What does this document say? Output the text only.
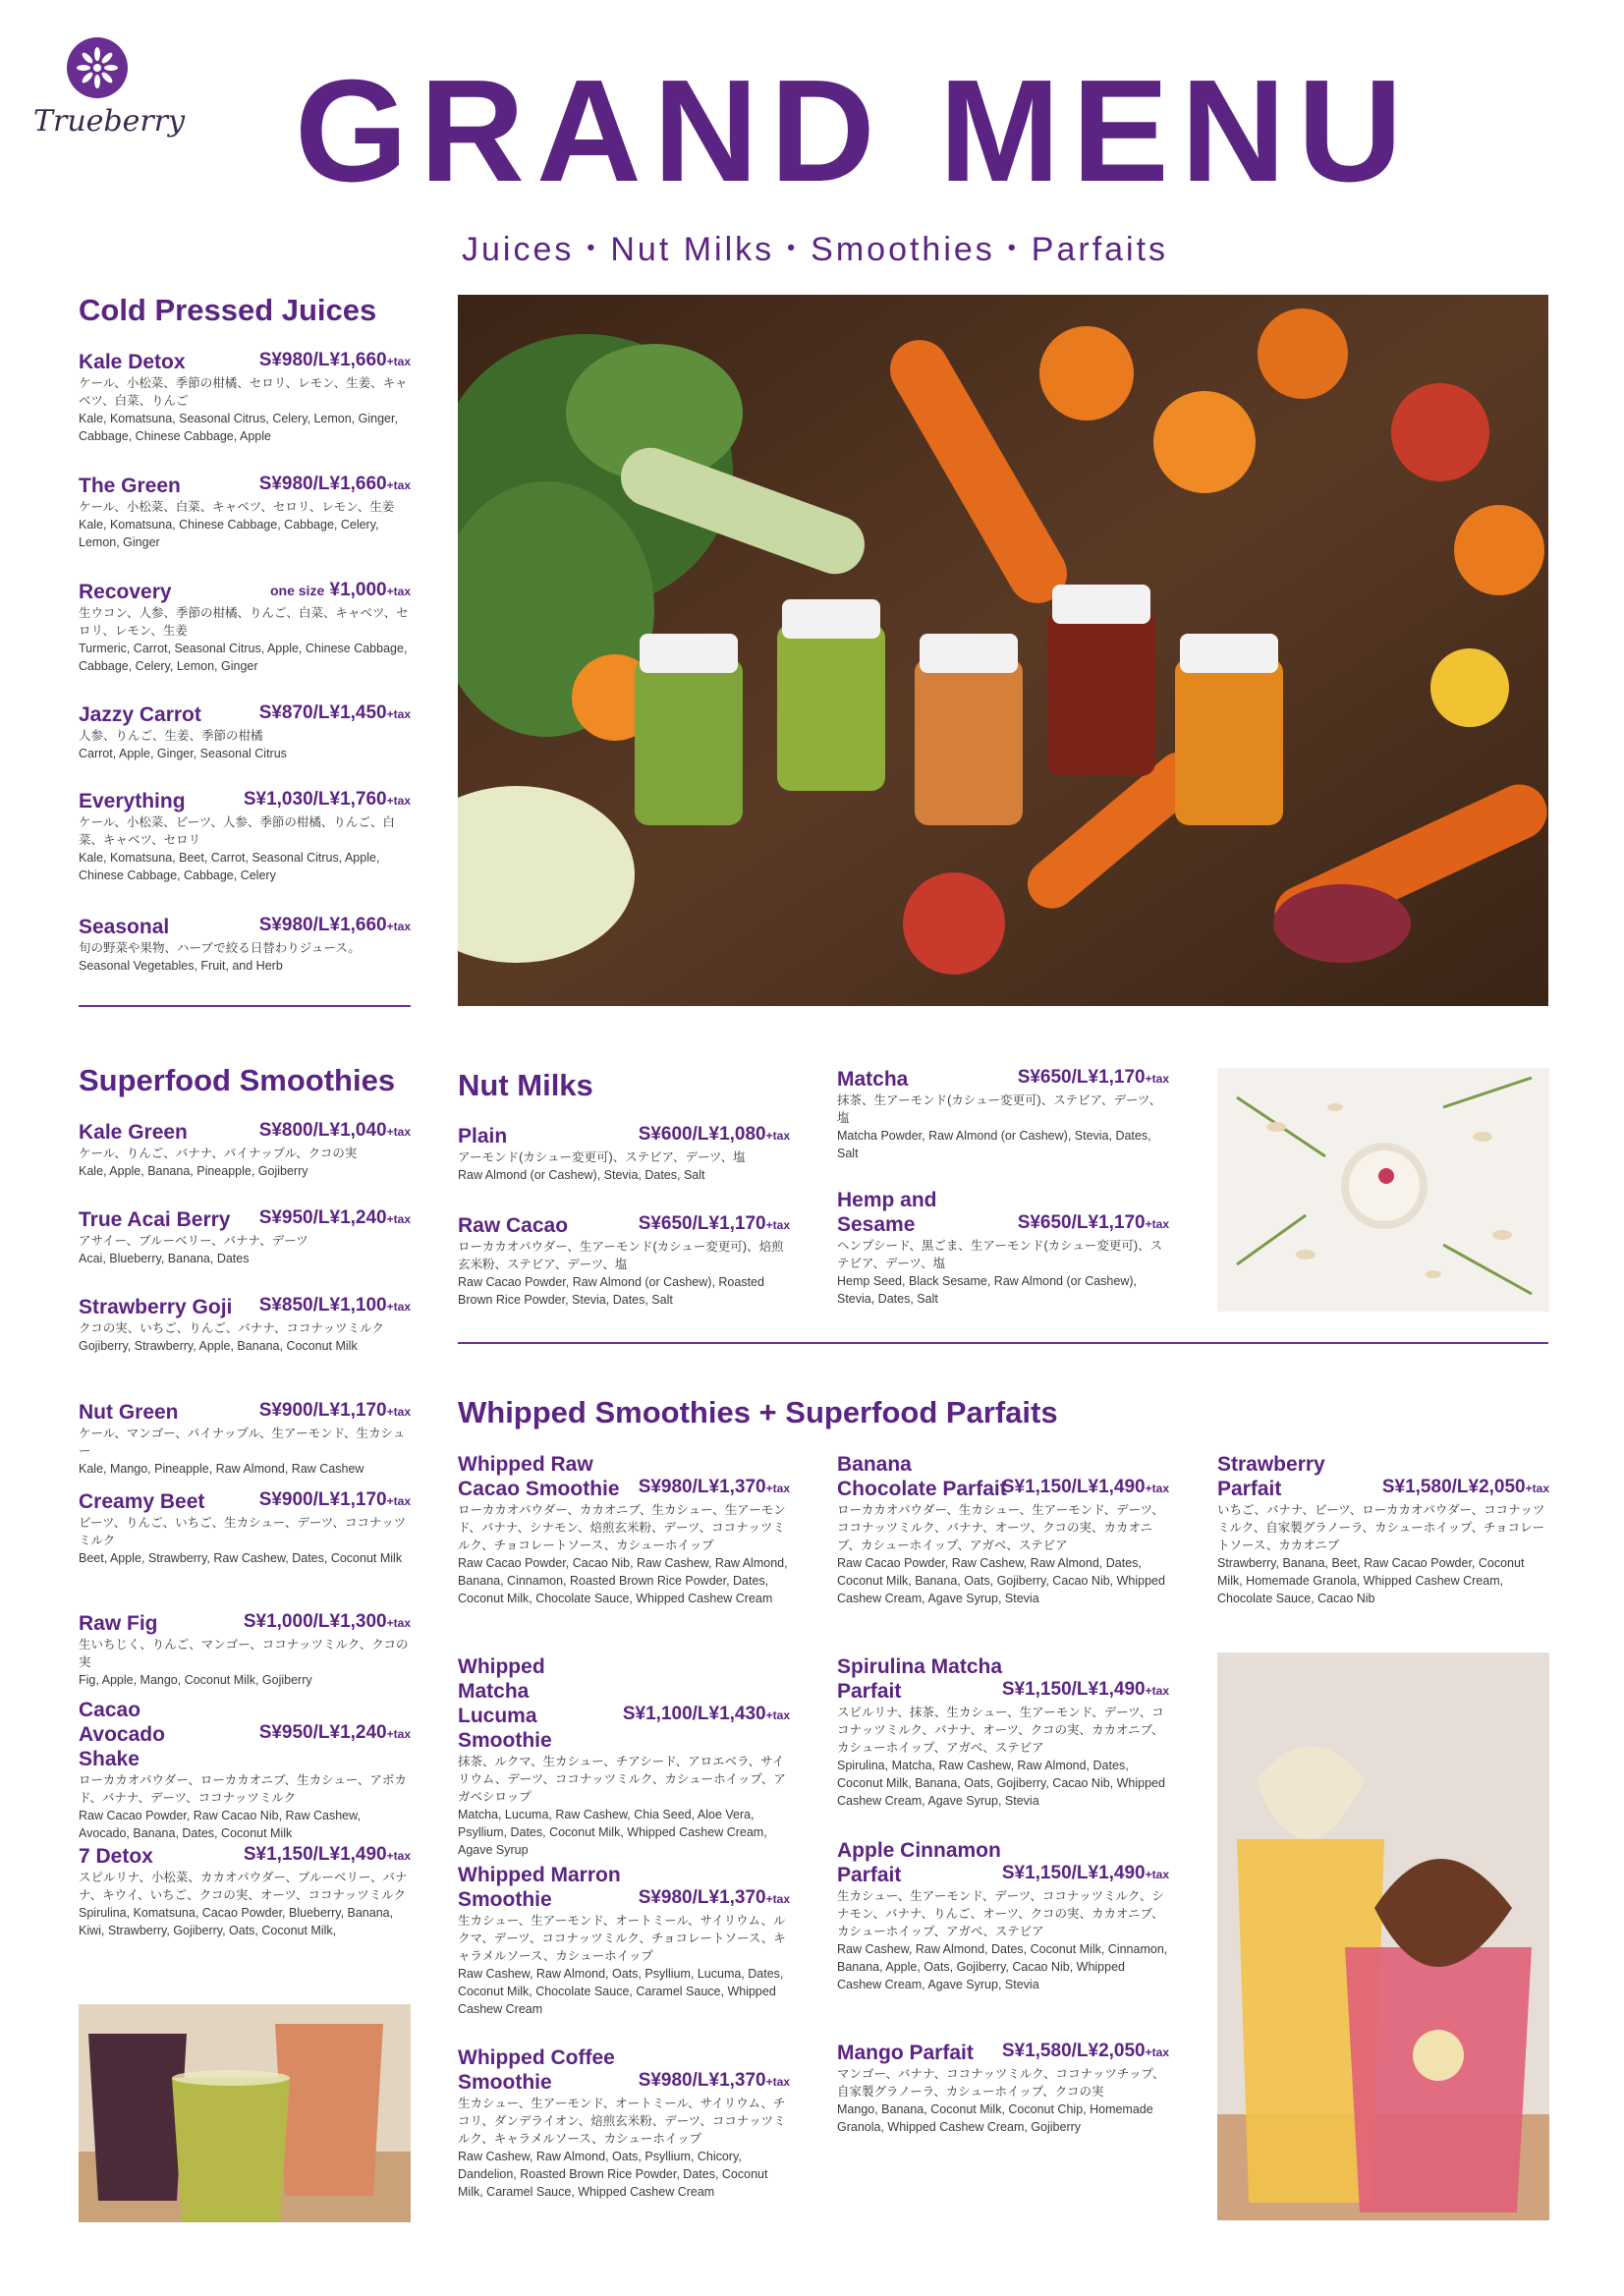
Trueberry GRAND MENU
Juices・Nut Milks・Smoothies・Parfaits
Cold Pressed Juices
Kale Detox	S¥980/L¥1,660+tax
ケール、小松菜、季節の柑橘、セロリ、レモン、生姜、キャベツ、白菜、りんご
Kale, Komatsuna, Seasonal Citrus, Celery, Lemon, Ginger, Cabbage, Chinese Cabbage, Apple
The Green	S¥980/L¥1,660+tax
ケール、小松菜、白菜、キャベツ、セロリ、レモン、生姜
Kale, Komatsuna, Chinese Cabbage, Cabbage, Celery, Lemon, Ginger
Recovery	one size ¥1,000+tax
生ウコン、人参、季節の柑橘、りんご、白菜、キャベツ、セロリ、レモン、生姜
Turmeric, Carrot, Seasonal Citrus, Apple, Chinese Cabbage, Cabbage, Celery, Lemon, Ginger
Jazzy Carrot	S¥870/L¥1,450+tax
人参、りんご、生姜、季節の柑橘
Carrot, Apple, Ginger, Seasonal Citrus
Everything	S¥1,030/L¥1,760+tax
ケール、小松菜、ビーツ、人参、季節の柑橘、りんご、白菜、キャベツ、セロリ
Kale, Komatsuna, Beet, Carrot, Seasonal Citrus, Apple, Chinese Cabbage, Cabbage, Celery
Seasonal	S¥980/L¥1,660+tax
旬の野菜や果物、ハーブで絞る日替わりジュース。
Seasonal Vegetables, Fruit, and Herb
Superfood Smoothies
Kale Green	S¥800/L¥1,040+tax
ケール、りんご、バナナ、パイナップル、クコの実
Kale, Apple, Banana, Pineapple, Gojiberry
True Acai Berry	S¥950/L¥1,240+tax
アサイー、ブルーベリー、バナナ、デーツ
Acai, Blueberry, Banana, Dates
Strawberry Goji	S¥850/L¥1,100+tax
クコの実、いちご、りんご、バナナ、ココナッツミルク
Gojiberry, Strawberry, Apple, Banana, Coconut Milk
Nut Green	S¥900/L¥1,170+tax
ケール、マンゴー、パイナップル、生アーモンド、生カシュー
Kale, Mango, Pineapple, Raw Almond, Raw Cashew
Creamy Beet	S¥900/L¥1,170+tax
ビーツ、りんご、いちご、生カシュー、デーツ、ココナッツミルク
Beet, Apple, Strawberry, Raw Cashew, Dates, Coconut Milk
Raw Fig	S¥1,000/L¥1,300+tax
生いちじく、りんご、マンゴー、ココナッツミルク、クコの実
Fig, Apple, Mango, Coconut Milk, Gojiberry
Cacao Avocado Shake
S¥950/L¥1,240+tax
ローカカオパウダー、ローカカオニブ、生カシュー、アボカド、バナナ、デーツ、ココナッツミルク
Raw Cacao Powder, Raw Cacao Nib, Raw Cashew, Avocado, Banana, Dates, Coconut Milk
7 Detox	S¥1,150/L¥1,490+tax
スピルリナ、小松菜、カカオパウダー、ブルーベリー、バナナ、キウイ、いちご、クコの実、オーツ、ココナッツミルク
Spirulina, Komatsuna, Cacao Powder, Blueberry, Banana, Kiwi, Strawberry, Gojiberry, Oats, Coconut Milk,
Nut Milks
Plain	S¥600/L¥1,080+tax
アーモンド(カシュー変更可)、ステビア、デーツ、塩
Raw Almond (or Cashew), Stevia, Dates, Salt
Raw Cacao	S¥650/L¥1,170+tax
ローカカオパウダー、生アーモンド(カシュー変更可)、焙煎玄米粉、ステビア、デーツ、塩
Raw Cacao Powder, Raw Almond (or Cashew), Roasted Brown Rice Powder, Stevia, Dates, Salt
Matcha	S¥650/L¥1,170+tax
抹茶、生アーモンド(カシュー変更可)、ステビア、デーツ、塩
Matcha Powder, Raw Almond (or Cashew), Stevia, Dates, Salt
Hemp and Sesame	S¥650/L¥1,170+tax
ヘンプシード、黒ごま、生アーモンド(カシュー変更可)、ステビア、デーツ、塩
Hemp Seed, Black Sesame, Raw Almond (or Cashew), Stevia, Dates, Salt
Whipped Smoothies + Superfood Parfaits
Whipped Raw Cacao Smoothie S¥980/L¥1,370+tax
ローカカオパウダー、カカオニブ、生カシュー、生アーモンド、バナナ、シナモン、焙煎玄米粉、デーツ、ココナッツミルク、チョコレートソース、カシューホイップ
Raw Cacao Powder, Cacao Nib, Raw Cashew, Raw Almond, Banana, Cinnamon, Roasted Brown Rice Powder, Dates, Coconut Milk, Chocolate Sauce, Whipped Cashew Cream
Whipped Matcha Lucuma Smoothie
S¥1,100/L¥1,430+tax
抹茶、ルクマ、生カシュー、チアシード、アロエベラ、サイリウム、デーツ、ココナッツミルク、カシューホイップ、アガベシロップ
Matcha, Lucuma, Raw Cashew, Chia Seed, Aloe Vera, Psyllium, Dates, Coconut Milk, Whipped Cashew Cream, Agave Syrup
Whipped Marron Smoothie	S¥980/L¥1,370+tax
生カシュー、生アーモンド、オートミール、サイリウム、ルクマ、デーツ、ココナッツミルク、チョコレートソース、キャラメルソース、カシューホイップ
Raw Cashew, Raw Almond, Oats, Psyllium, Lucuma, Dates, Coconut Milk, Chocolate Sauce, Caramel Sauce, Whipped Cashew Cream
Whipped Coffee Smoothie	S¥980/L¥1,370+tax
生カシュー、生アーモンド、オートミール、サイリウム、チコリ、ダンデライオン、焙煎玄米粉、デーツ、ココナッツミルク、キャラメルソース、カシューホイップ
Raw Cashew, Raw Almond, Oats, Psyllium, Chicory, Dandelion, Roasted Brown Rice Powder, Dates, Coconut Milk, Caramel Sauce, Whipped Cashew Cream
Banana Chocolate Parfait
S¥1,150/L¥1,490+tax
ローカカオパウダー、生カシュー、生アーモンド、デーツ、ココナッツミルク、バナナ、オーツ、クコの実、カカオニブ、カシューホイップ、アガベ、ステビア
Raw Cacao Powder, Raw Cashew, Raw Almond, Dates, Coconut Milk, Banana, Oats, Gojiberry, Cacao Nib, Whipped Cashew Cream, Agave Syrup, Stevia
Spirulina Matcha Parfait	S¥1,150/L¥1,490+tax
スピルリナ、抹茶、生カシュー、生アーモンド、デーツ、ココナッツミルク、バナナ、オーツ、クコの実、カカオニブ、カシューホイップ、アガベ、ステビア
Spirulina, Matcha, Raw Cashew, Raw Almond, Dates, Coconut Milk, Banana, Oats, Gojiberry, Cacao Nib, Whipped Cashew Cream, Agave Syrup, Stevia
Apple Cinnamon Parfait	S¥1,150/L¥1,490+tax
生カシュー、生アーモンド、デーツ、ココナッツミルク、シナモン、バナナ、りんご、オーツ、クコの実、カカオニブ、カシューホイップ、アガベ、ステビア
Raw Cashew, Raw Almond, Dates, Coconut Milk, Cinnamon, Banana, Apple, Oats, Gojiberry, Cacao Nib, Whipped Cashew Cream, Agave Syrup, Stevia
Mango Parfait	S¥1,580/L¥2,050+tax
マンゴー、バナナ、ココナッツミルク、ココナッツチップ、自家製グラノーラ、カシューホイップ、クコの実
Mango, Banana, Coconut Milk, Coconut Chip, Homemade Granola, Whipped Cashew Cream, Gojiberry
Strawberry Parfait	S¥1,580/L¥2,050+tax
いちご、バナナ、ビーツ、ローカカオパウダー、ココナッツミルク、自家製グラノーラ、カシューホイップ、チョコレートソース、カカオニブ
Strawberry, Banana, Beet, Raw Cacao Powder, Coconut Milk, Homemade Granola, Whipped Cashew Cream, Chocolate Sauce, Cacao Nib
